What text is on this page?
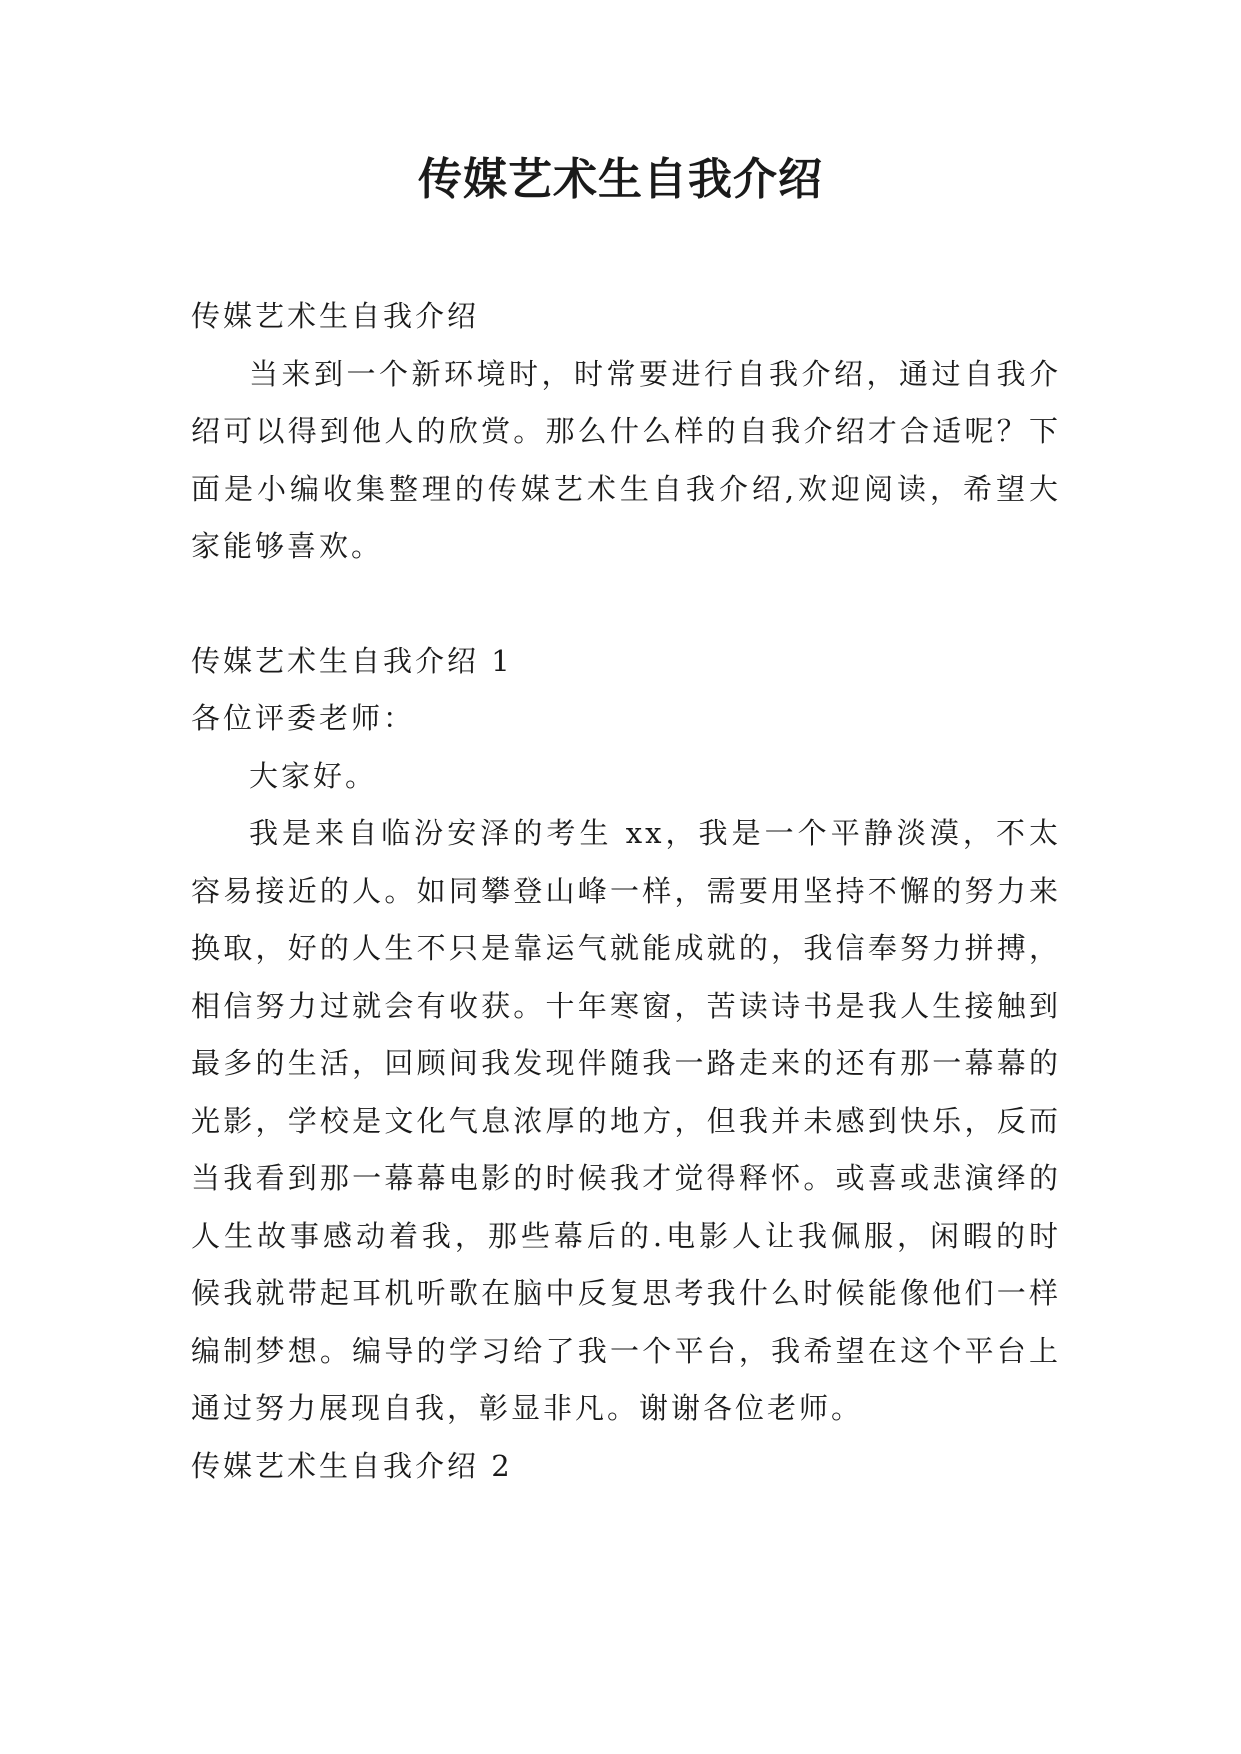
传媒艺术生自我介绍

传媒艺术生自我介绍

当来到一个新环境时，时常要进行自我介绍，通过自我介绍可以得到他人的欣赏。那么什么样的自我介绍才合适呢？下面是小编收集整理的传媒艺术生自我介绍,欢迎阅读，希望大家能够喜欢。

传媒艺术生自我介绍 1

各位评委老师：

大家好。

我是来自临汾安泽的考生 xx，我是一个平静淡漠，不太容易接近的人。如同攀登山峰一样，需要用坚持不懈的努力来换取，好的人生不只是靠运气就能成就的，我信奉努力拼搏，相信努力过就会有收获。十年寒窗，苦读诗书是我人生接触到最多的生活，回顾间我发现伴随我一路走来的还有那一幕幕的光影，学校是文化气息浓厚的地方，但我并未感到快乐，反而当我看到那一幕幕电影的时候我才觉得释怀。或喜或悲演绎的人生故事感动着我，那些幕后的.电影人让我佩服，闲暇的时候我就带起耳机听歌在脑中反复思考我什么时候能像他们一样编制梦想。编导的学习给了我一个平台，我希望在这个平台上通过努力展现自我，彰显非凡。谢谢各位老师。

传媒艺术生自我介绍 2
